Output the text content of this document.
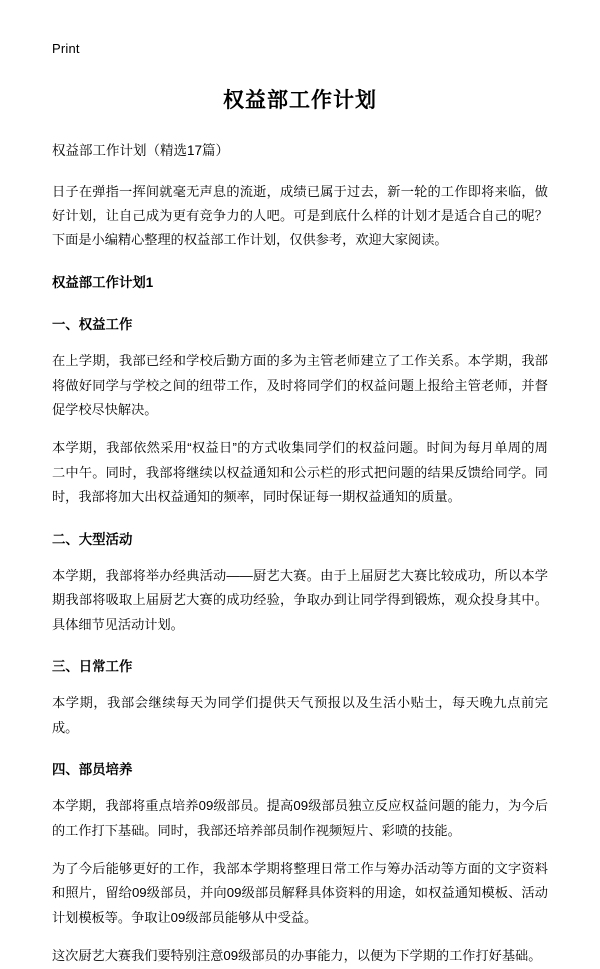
Print
权益部工作计划
权益部工作计划（精选17篇）

日子在弹指一挥间就毫无声息的流逝，成绩已属于过去，新一轮的工作即将来临，做好计划，让自己成为更有竞争力的人吧。可是到底什么样的计划才是适合自己的呢？下面是小编精心整理的权益部工作计划，仅供参考，欢迎大家阅读。

权益部工作计划1
一、权益工作

在上学期，我部已经和学校后勤方面的多为主管老师建立了工作关系。本学期，我部将做好同学与学校之间的纽带工作，及时将同学们的权益问题上报给主管老师，并督促学校尽快解决。

本学期，我部依然采用“权益日”的方式收集同学们的权益问题。时间为每月单周的周二中午。同时，我部将继续以权益通知和公示栏的形式把问题的结果反馈给同学。同时，我部将加大出权益通知的频率，同时保证每一期权益通知的质量。

二、大型活动

本学期，我部将举办经典活动——厨艺大赛。由于上届厨艺大赛比较成功，所以本学期我部将吸取上届厨艺大赛的成功经验，争取办到让同学得到锻炼，观众投身其中。具体细节见活动计划。

三、日常工作

本学期，我部会继续每天为同学们提供天气预报以及生活小贴士，每天晚九点前完成。

四、部员培养

本学期，我部将重点培养09级部员。提高09级部员独立反应权益问题的能力，为今后的工作打下基础。同时，我部还培养部员制作视频短片、彩喷的技能。

为了今后能够更好的工作，我部本学期将整理日常工作与筹办活动等方面的文字资料和照片，留给09级部员，并向09级部员解释具体资料的用途，如权益通知模板、活动计划模板等。争取让09级部员能够从中受益。

这次厨艺大赛我们要特别注意09级部员的办事能力，以便为下学期的工作打好基础。
